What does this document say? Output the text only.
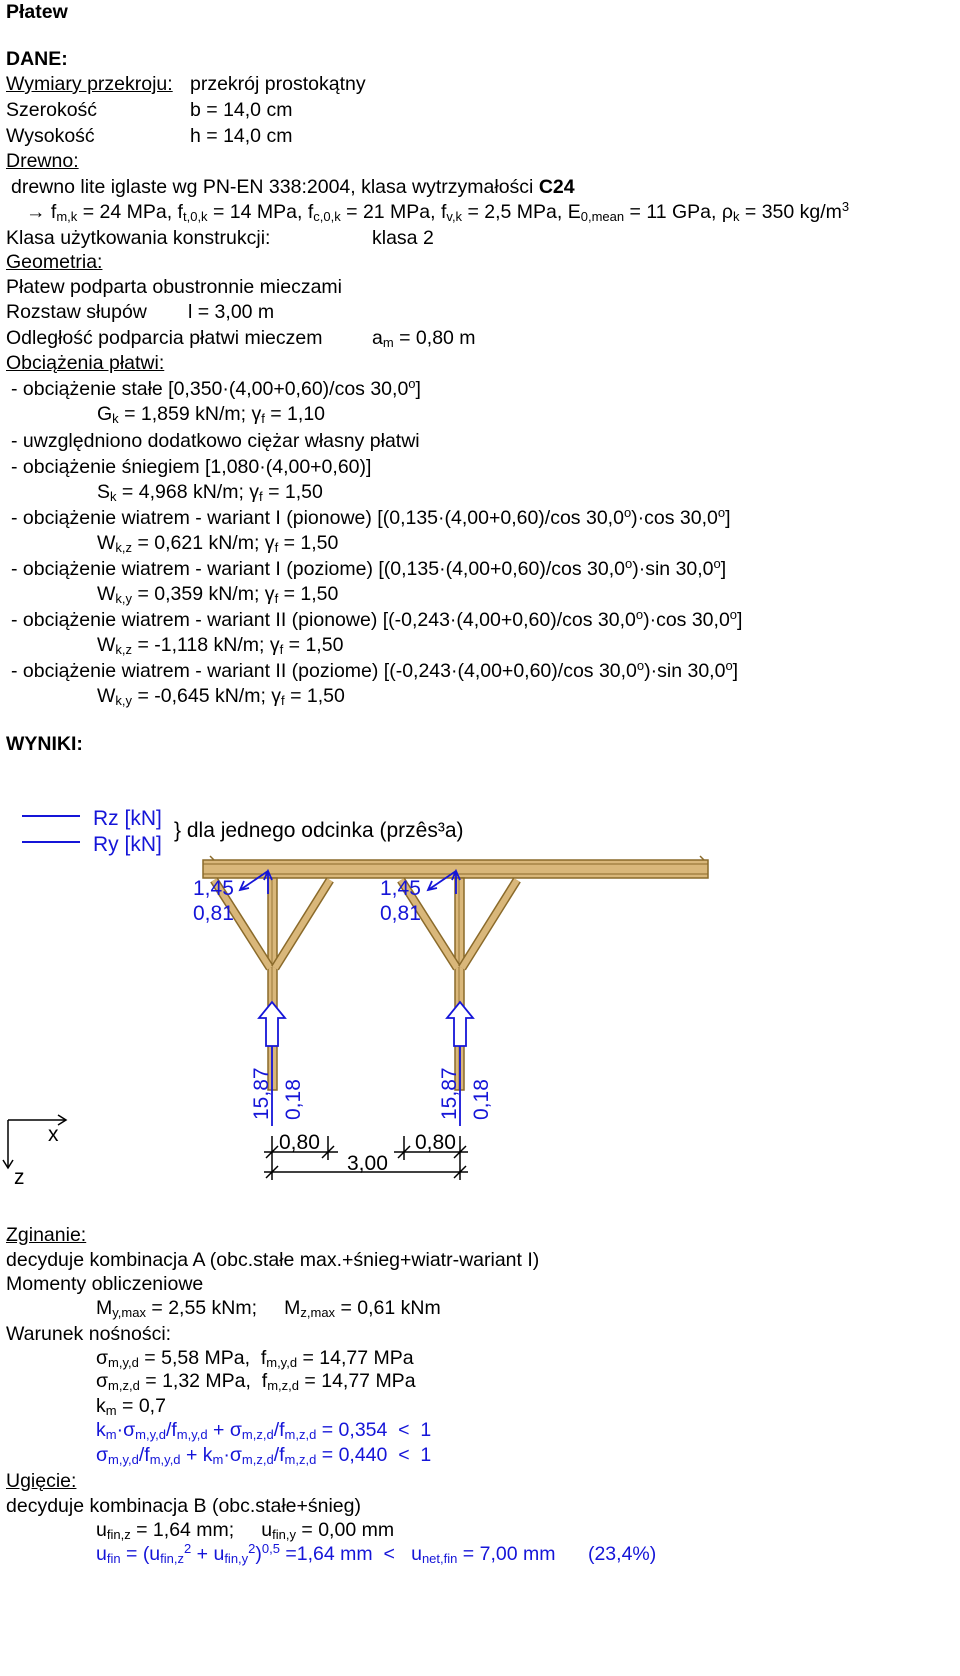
Płatew
DANE:
Wymiary przekroju: przekrój prostokątny
Szerokość	b = 14,0 cm
Wysokość	h = 14,0 cm
Drewno:
drewno lite iglaste wg PN-EN 338:2004, klasa wytrzymałości C24
→ $f_{m,k} = 24$ MPa, $f_{t,0,k} = 14$ MPa, $f_{c,0,k} = 21$ MPa, $f_{v,k} = 2,5$ MPa, $E_{0,mean} = 11$ GPa, $\rho_k = 350$ $kg/m^3$
Klasa użytkowania konstrukcji:	klasa 2
Geometria:
Płatew podparta obustronnie mieczami
Rozstaw słupów l = 3,00 m
Odległość podparcia płatwi mieczem	$a_m = 0,80$ m
Obciążenia płatwi:
- obciążenie stałe [0,350·(4,00+0,60)/cos 30,0$^o$]
$G_k = 1,859$ kN/m; $\gamma_f = 1,10$
- uwzględniono dodatkowo ciężar własny płatwi
- obciążenie śniegiem [1,080·(4,00+0,60)]
$S_k = 4,968$ kN/m; $\gamma_f = 1,50$
- obciążenie wiatrem - wariant I (pionowe) [(0,135·(4,00+0,60)/cos $30,0^o)\cdot\cos$ 30,0$^o$]
$W_{k,z} = 0,621$ kN/m; $\gamma_f = 1,50$
- obciążenie wiatrem - wariant I (poziome) [(0,135·(4,00+0,60)/cos $30,0^o)\cdot\sin$ 30,0$^o$]
$W_{k,y} = 0,359$ kN/m; $\gamma_f = 1,50$
- obciążenie wiatrem - wariant II (pionowe) [(-0,243·(4,00+0,60)/cos $30,0^o)\cdot\cos$ 30,0$^o$]
$W_{k,z} = -1,118$ kN/m; $\gamma_f = 1,50$
- obciążenie wiatrem - wariant II (poziome) [(-0,243·(4,00+0,60)/cos $30,0^o)\cdot\sin$ 30,0$^o$]
$W_{k,y} = -0,645$ kN/m; $\gamma_f = 1,50$
WYNIKI:
Rz [kN]
Ry [kN]
} dla jednego odcinka (przês³a)
1,45
0,81
1,45
0,81
15,87 0,18	15,87 0,18
0,80	0,80
3,00
x
z
Zginanie:
decyduje kombinacja A (obc.stałe max.+śnieg+wiatr-wariant I)
Momenty obliczeniowe
$M_{y,max} = 2,55$ kNm;     $M_{z,max} = 0,61$ kNm
Warunek nośności:
$\sigma_{m,y,d} = 5,58$ MPa,  $f_{m,y,d} = 14,77$ MPa
$\sigma_{m,z,d} = 1,32$ MPa,  $f_{m,z,d} = 14,77$ MPa
$k_m = 0,7$
$k_m\cdot\sigma_{m,y,d}/f_{m,y,d} + \sigma_{m,z,d}/f_{m,z,d} = 0,354 < 1$
$\sigma_{m,y,d}/f_{m,y,d} + k_m\cdot\sigma_{m,z,d}/f_{m,z,d} = 0,440 < 1$
Ugięcie:
decyduje kombinacja B (obc.stałe+śnieg)
$u_{fin,z} = 1,64$ mm;     $u_{fin,y} = 0,00$ mm
$u_{fin} = (u_{fin,z}^2 + u_{fin,y}^2)^{0,5} =1,64$ mm  <   $u_{net,fin} = 7,00$ mm      (23,4%)
